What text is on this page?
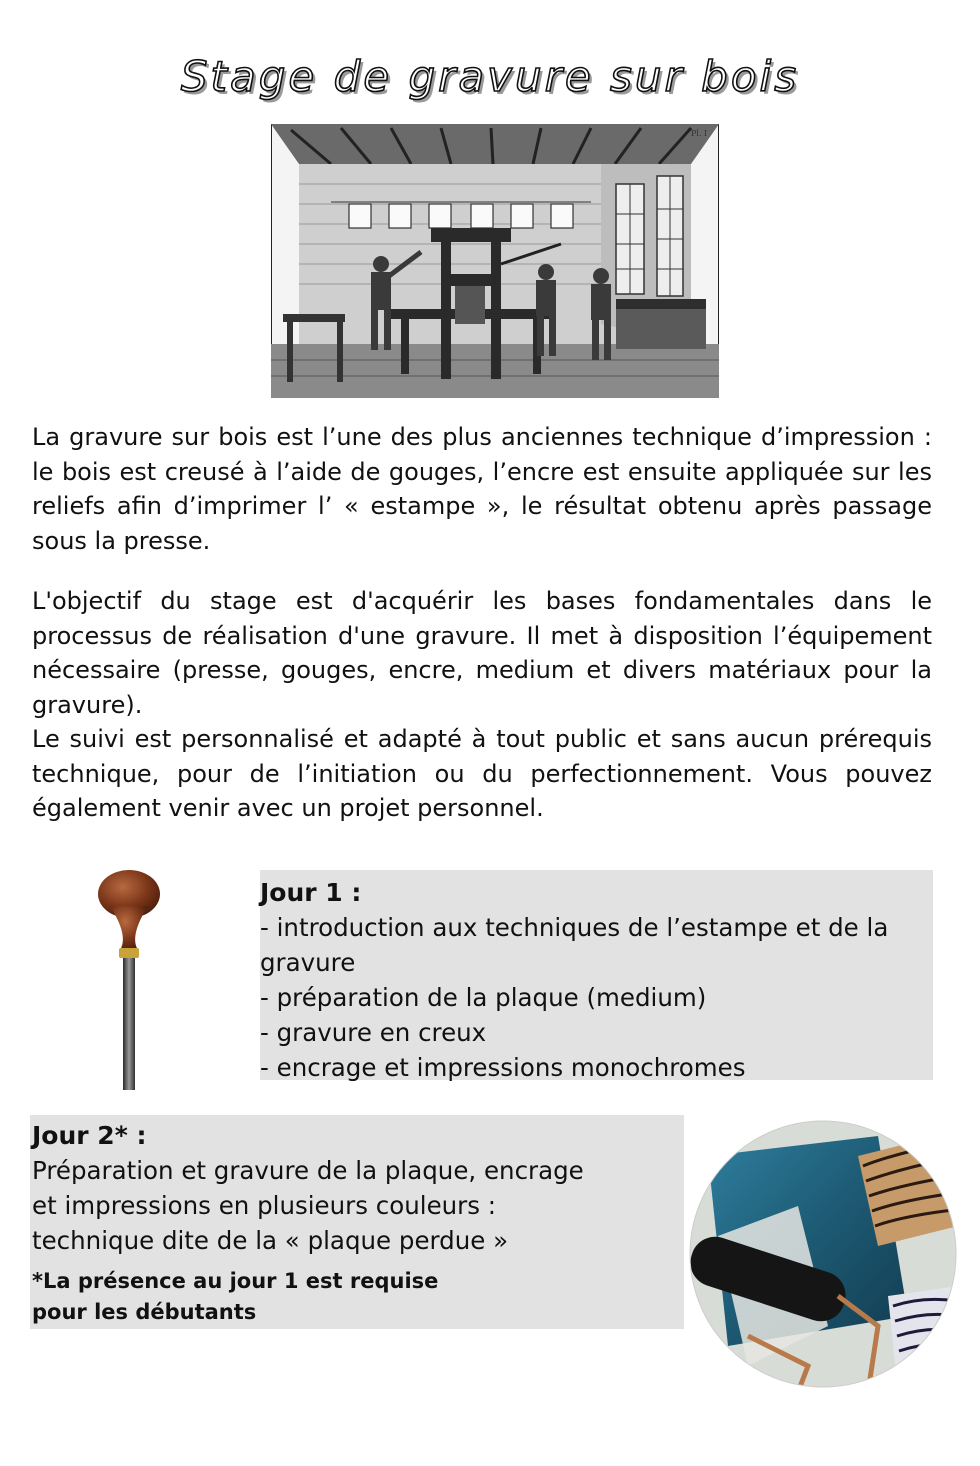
Stage de gravure sur bois
Pl. I

La gravure sur bois est l’une des plus anciennes technique d’impression : le bois est creusé à l’aide de gouges, l’encre est ensuite appliquée sur les reliefs afin d’imprimer l’ « estampe », le résultat obtenu après passage sous la presse.

L'objectif du stage est d'acquérir les bases fondamentales dans le processus de réalisation d'une gravure. Il met à disposition l’équipement nécessaire (presse, gouges, encre, medium et divers matériaux pour la gravure).
Le suivi est personnalisé et adapté à tout public et sans aucun prérequis technique, pour de l’initiation ou du perfectionnement. Vous pouvez également venir avec un projet personnel.
Jour 1 :
- introduction aux techniques de l’estampe et de la gravure
- préparation de la plaque (medium)
- gravure en creux
- encrage et impressions monochromes
Jour 2* :
Préparation et gravure de la plaque, encrage
et impressions en plusieurs couleurs :
technique dite de la « plaque perdue »
*La présence au jour 1 est requise
pour les débutants
